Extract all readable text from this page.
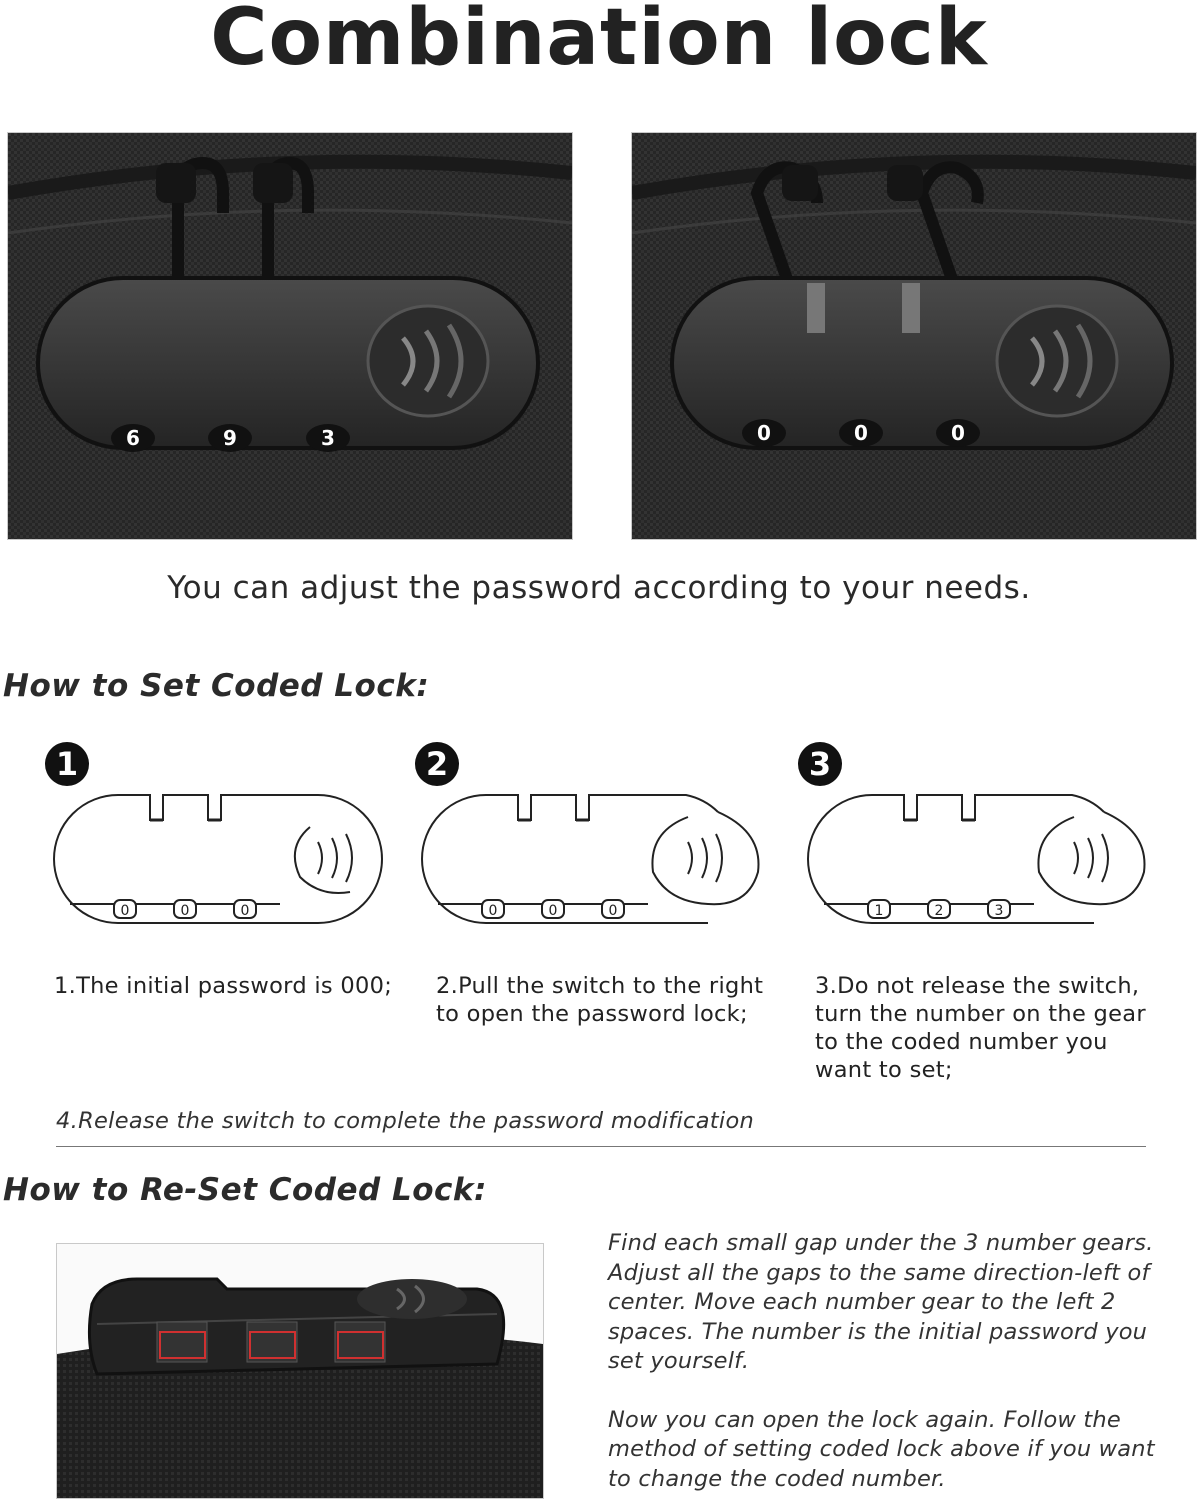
Combination lock
6	9	3	0	0	0
You can adjust the password according to your needs.
How to Set Coded Lock:
1
0	0	0
1.The initial password is 000;
2
0	0	0
2.Pull the switch to the right to open the password lock;
3
1	2	3
3.Do not release the switch, turn the number on the gear to the coded number you want to set;
4.Release the switch to complete the password modification
How to Re-Set Coded Lock:

Find each small gap under the 3 number gears. Adjust all the gaps to the same direction-left of center. Move each number gear to the left 2 spaces. The number is the initial password you set yourself.

Now you can open the lock again. Follow the method of setting coded lock above if you want to change the coded number.
